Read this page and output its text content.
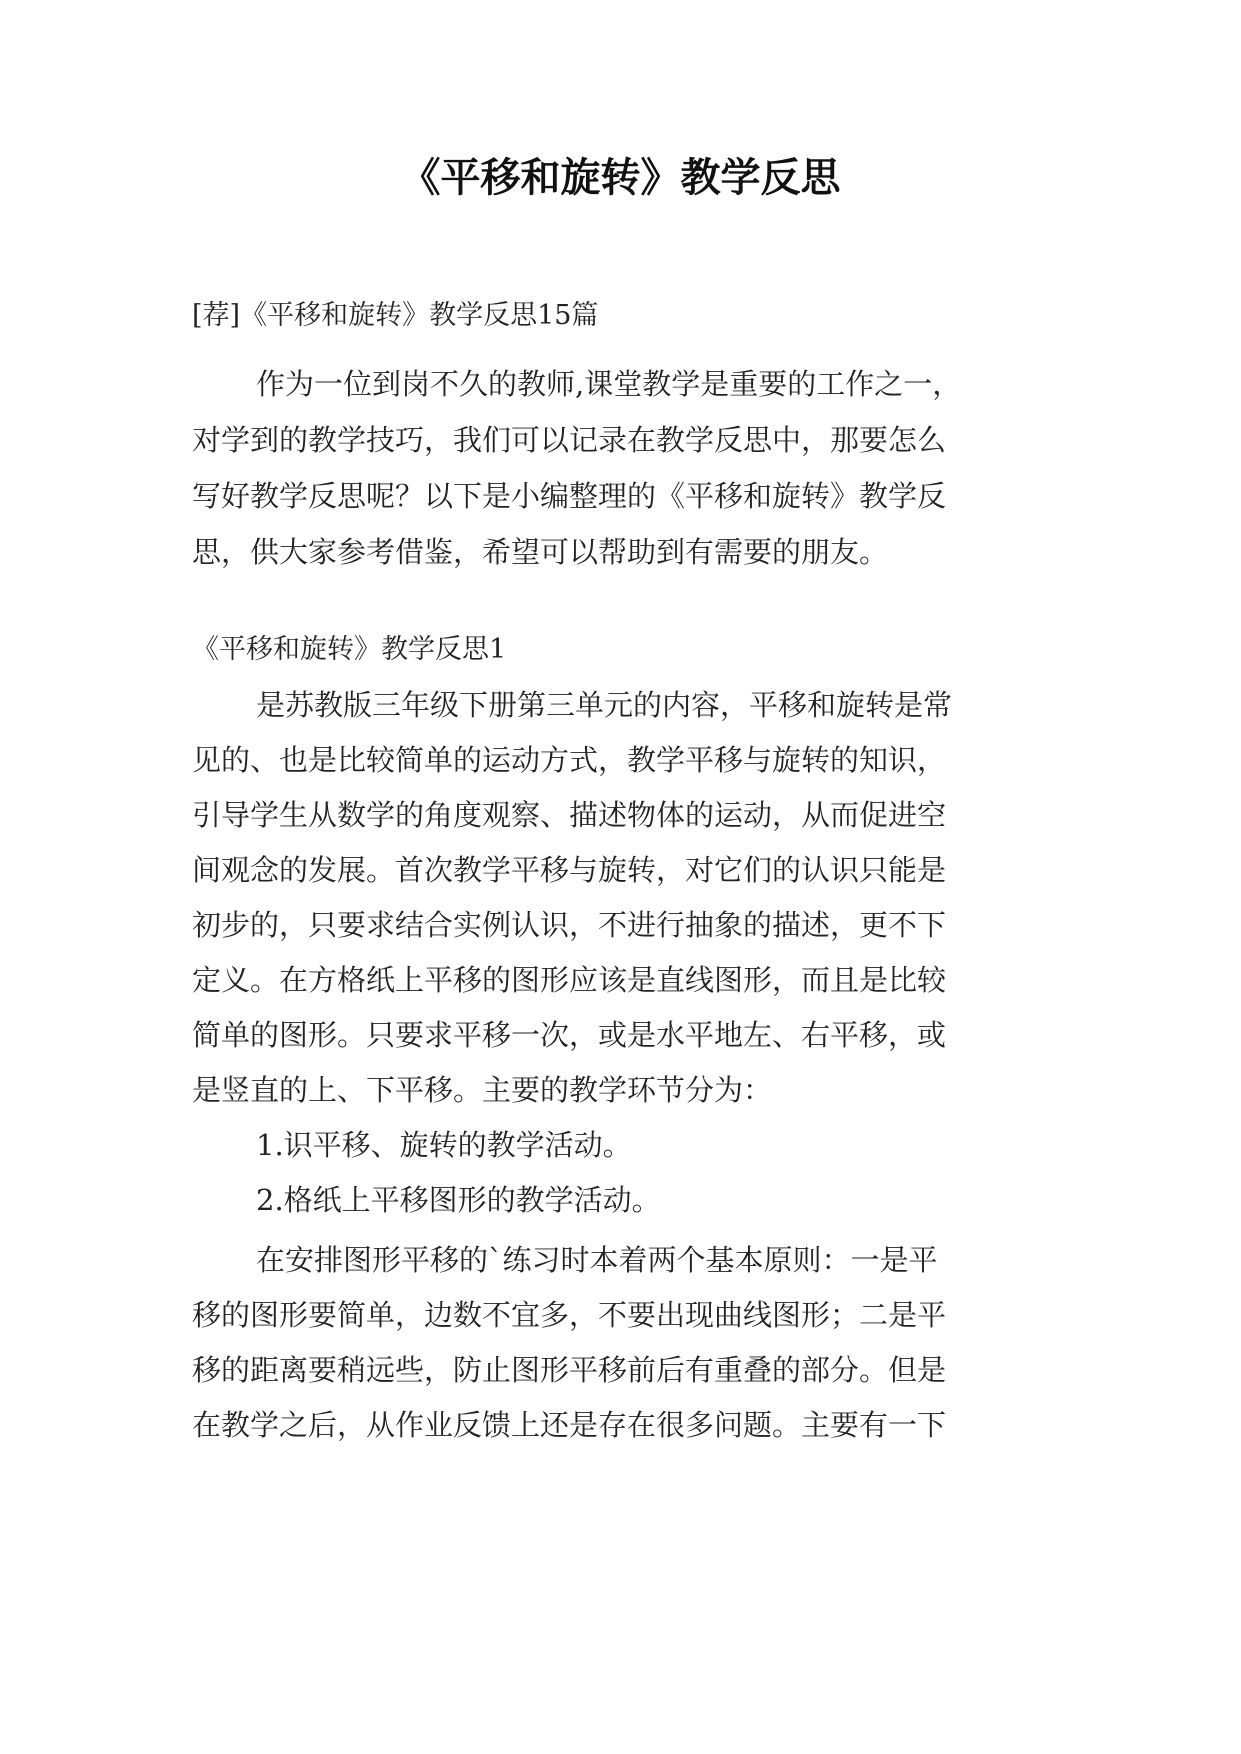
《平移和旋转》教学反思

[荐]《平移和旋转》教学反思15篇

作为一位到岗不久的教师,课堂教学是重要的工作之一，

对学到的教学技巧，我们可以记录在教学反思中，那要怎么

写好教学反思呢？以下是小编整理的《平移和旋转》教学反

思，供大家参考借鉴，希望可以帮助到有需要的朋友。

《平移和旋转》教学反思1

是苏教版三年级下册第三单元的内容，平移和旋转是常

见的、也是比较简单的运动方式，教学平移与旋转的知识，

引导学生从数学的角度观察、描述物体的运动，从而促进空

间观念的发展。首次教学平移与旋转，对它们的认识只能是

初步的，只要求结合实例认识，不进行抽象的描述，更不下

定义。在方格纸上平移的图形应该是直线图形，而且是比较

简单的图形。只要求平移一次，或是水平地左、右平移，或

是竖直的上、下平移。主要的教学环节分为：

1.识平移、旋转的教学活动。

2.格纸上平移图形的教学活动。

在安排图形平移的`练习时本着两个基本原则：一是平

移的图形要简单，边数不宜多，不要出现曲线图形；二是平

移的距离要稍远些，防止图形平移前后有重叠的部分。但是

在教学之后，从作业反馈上还是存在很多问题。主要有一下
